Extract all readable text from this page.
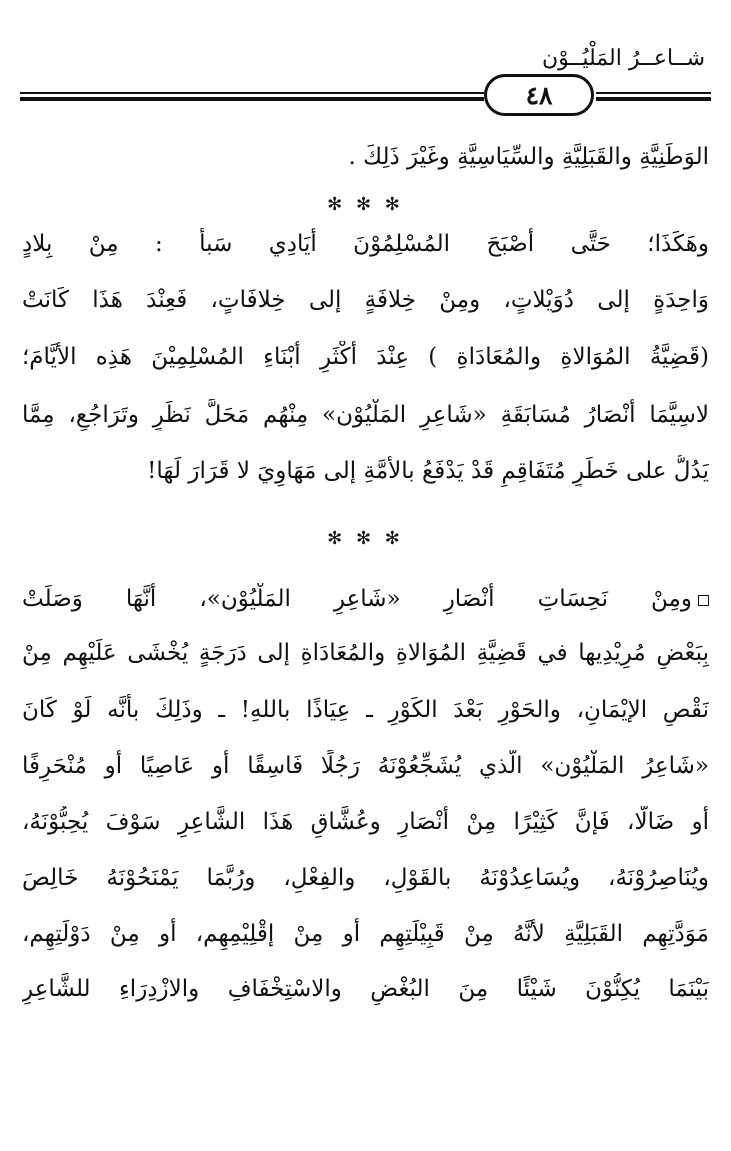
شــاعــرُ المَلْيُــوْن
٤٨
الوَطَنِيَّةِ والقَبَلِيَّةِ والسِّيَاسِيَّةِ وغَيْرَ ذَلِكَ .
✻ ✻ ✻
وهَكَذَا؛ حَتَّى أصْبَحَ المُسْلِمُوْنَ أيَادِي سَبأ : مِنْ بِلادٍ
وَاحِدَةٍ إلى دُوَيْلاتٍ، ومِنْ خِلافَةٍ إلى خِلافَاتٍ، فَعِنْدَ هَذَا كَانَتْ
(قَضِيَّةُ المُوَالاةِ والمُعَادَاةِ ) عِنْدَ أكْثَرِ أبْنَاءِ المُسْلِمِيْنَ هَذِه الأيَّامَ؛
لاسِيَّمَا أنْصَارُ مُسَابَقَةِ «شَاعِرِ المَلْيُوْن» مِنْهُم مَحَلَّ نَظَرٍ وتَرَاجُعٍ، مِمَّا
يَدُلُّ على خَطَرٍ مُتَفَاقِمٍ قَدْ يَدْفَعُ بالأمَّةِ إلى مَهَاوِيَ لا قَرَارَ لَهَا!
✻ ✻ ✻
ومِنْ نَحِسَاتِ أنْصَارِ «شَاعِرِ المَلْيُوْن»، أنَّهَا وَصَلَتْ
بِبَعْضِ مُرِيْدِيها في قَضِيَّةِ المُوَالاةِ والمُعَادَاةِ إلى دَرَجَةٍ يُخْشَى عَلَيْهِم مِنْ
نَقْصِ الإيْمَانِ، والحَوْرِ بَعْدَ الكَوْرِ ـ عِيَاذًا باللهِ! ـ وذَلِكَ بأنَّه لَوْ كَانَ
«شَاعِرُ المَلْيُوْن» الَّذي يُشَجِّعُوْنَهُ رَجُلًا فَاسِقًا أو عَاصِيًا أو مُنْحَرِفًا
أو ضَالًّا، فَإنَّ كَثِيْرًا مِنْ أنْصَارِ وعُشَّاقِ هَذَا الشَّاعِرِ سَوْفَ يُحِبُّوْنَهُ،
ويُنَاصِرُوْنَهُ، ويُسَاعِدُوْنَهُ بالقَوْلِ، والفِعْلِ، ورُبَّمَا يَمْنَحُوْنَهُ خَالِصَ
مَوَدَّتِهِم القَبَلِيَّةِ لأنَّهُ مِنْ قَبِيْلَتِهِم أو مِنْ إقْلِيْمِهِم، أو مِنْ دَوْلَتِهِم،
بَيْنَمَا يُكِنُّوْنَ شَيْئًا مِنَ البُغْضِ والاسْتِخْفَافِ والازْدِرَاءِ للشَّاعِرِ
